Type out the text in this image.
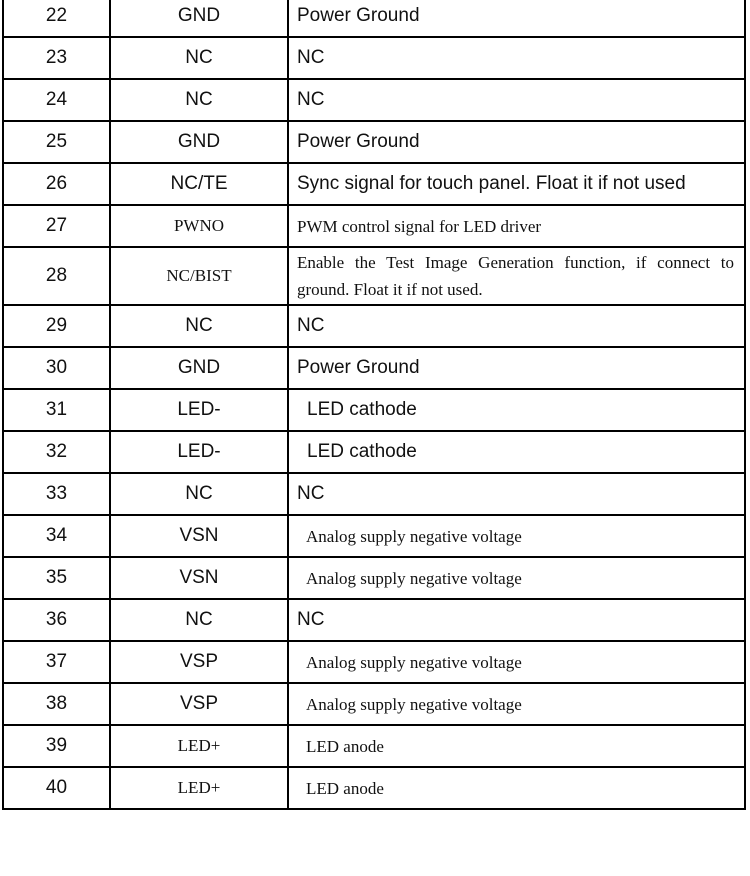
22	GND	Power Ground
23	NC	NC
24	NC	NC
25	GND	Power Ground
26	NC/TE	Sync signal for touch panel. Float it if not used
27	PWNO	PWM control signal for LED driver
28	NC/BIST	Enable the Test Image Generation function, if connect to ground. Float it if not used.
29	NC	NC
30	GND	Power Ground
31	LED-	LED cathode
32	LED-	LED cathode
33	NC	NC
34	VSN	Analog supply negative voltage
35	VSN	Analog supply negative voltage
36	NC	NC
37	VSP	Analog supply negative voltage
38	VSP	Analog supply negative voltage
39	LED+	LED anode
40	LED+	LED anode
